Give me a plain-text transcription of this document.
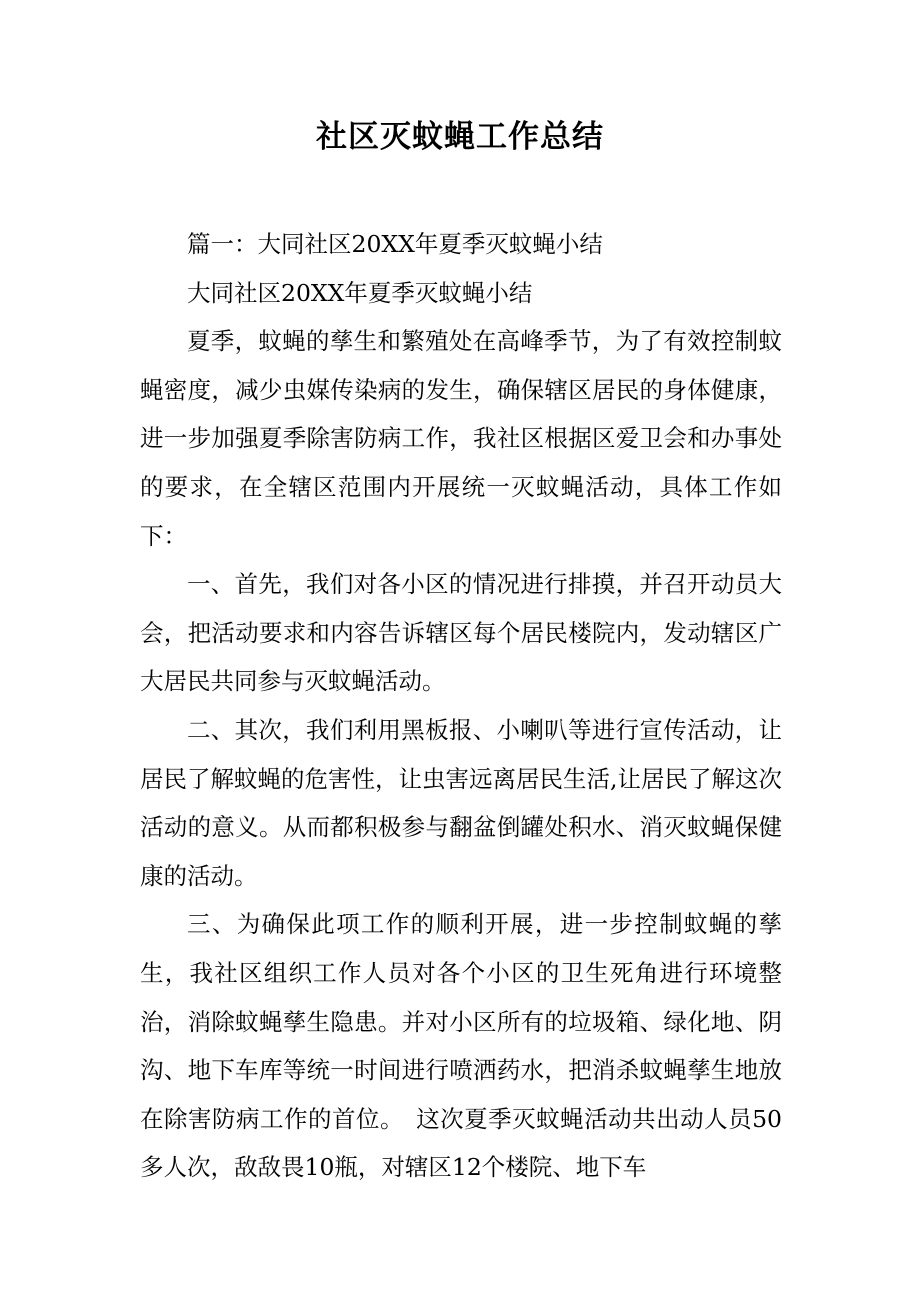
社区灭蚊蝇工作总结

篇一：大同社区20XX年夏季灭蚊蝇小结

大同社区20XX年夏季灭蚊蝇小结

夏季，蚊蝇的孳生和繁殖处在高峰季节，为了有效控制蚊蝇密度，减少虫媒传染病的发生，确保辖区居民的身体健康，进一步加强夏季除害防病工作，我社区根据区爱卫会和办事处的要求，在全辖区范围内开展统一灭蚊蝇活动，具体工作如下：

一、首先，我们对各小区的情况进行排摸，并召开动员大会，把活动要求和内容告诉辖区每个居民楼院内，发动辖区广大居民共同参与灭蚊蝇活动。

二、其次，我们利用黑板报、小喇叭等进行宣传活动，让居民了解蚊蝇的危害性，让虫害远离居民生活,让居民了解这次活动的意义。从而都积极参与翻盆倒罐处积水、消灭蚊蝇保健康的活动。

三、为确保此项工作的顺利开展，进一步控制蚊蝇的孳生，我社区组织工作人员对各个小区的卫生死角进行环境整治，消除蚊蝇孳生隐患。并对小区所有的垃圾箱、绿化地、阴沟、地下车库等统一时间进行喷洒药水，把消杀蚊蝇孳生地放在除害防病工作的首位。　这次夏季灭蚊蝇活动共出动人员50多人次，敌敌畏10瓶，对辖区12个楼院、地下车
